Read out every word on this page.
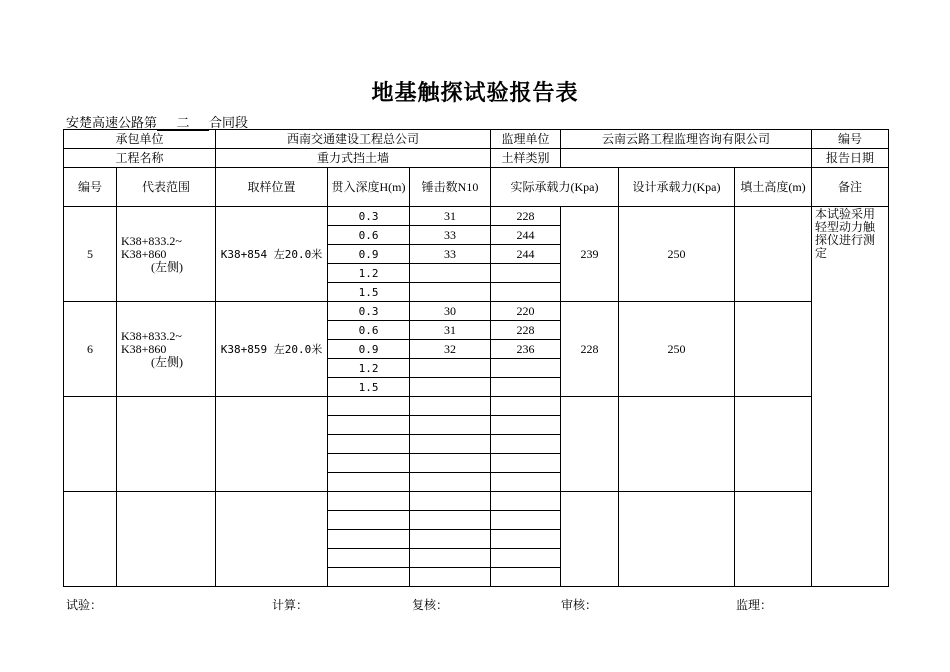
地基触探试验报告表
安楚高速公路第 二 合同段
承包单位		西南交通建设工程总公司			监理单位	云南云路工程监理咨询有限公司			编号	
工程名称		重力式挡土墙			土样类别				报告日期	
编号	代表范围	取样位置	贯入深度H(m)	锤击数N10	实际承载力(Kpa)		设计承载力(Kpa)	填土高度(m)	备注	
5	K38+833.2~
K38+860
(左侧)	K38+854 左20.0米	0.3	31	228	239	250		本试验采用轻型动力触探仪进行测定	
			0.6	33	244					
			0.9	33	244					
			1.2							
			1.5							
6	K38+833.2~
K38+860
(左侧)	K38+859 左20.0米	0.3	30	220	228	250			
			0.6	31	228					
			0.9	32	236					
			1.2							
			1.5							

试验：	计算：	复核：	审核：	监理：
